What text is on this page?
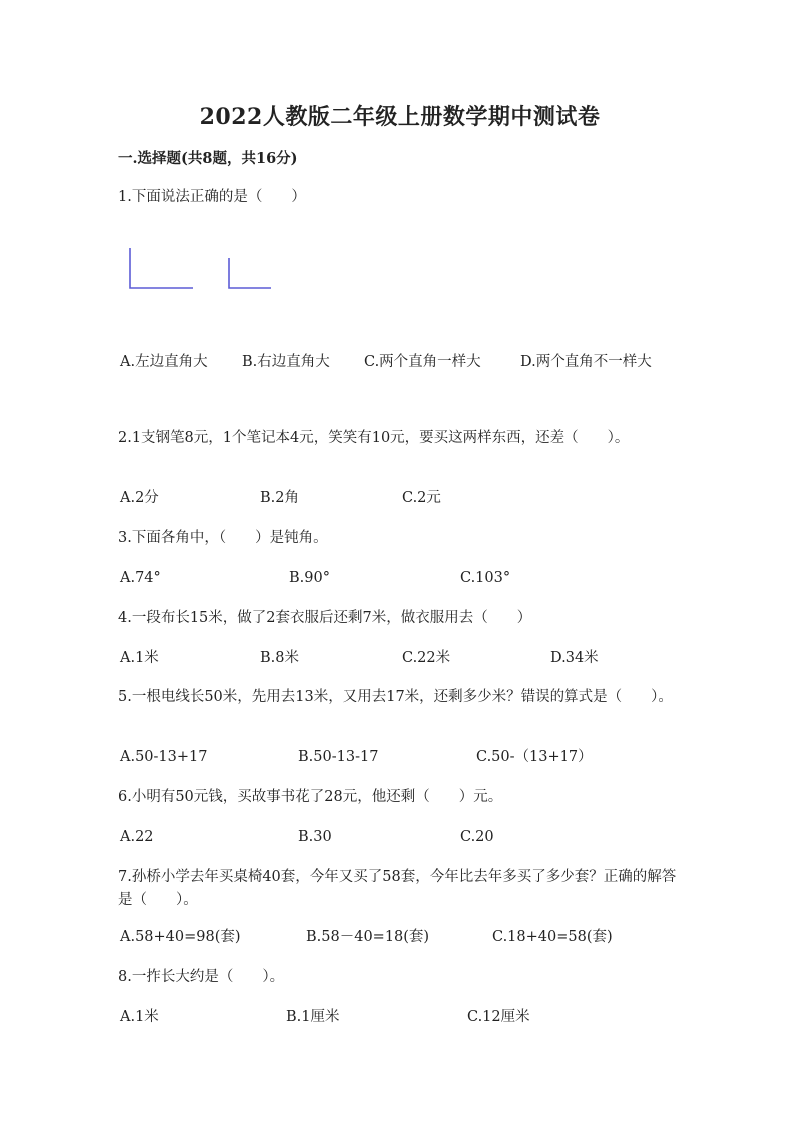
2022人教版二年级上册数学期中测试卷
一.选择题(共8题，共16分)
1.下面说法正确的是（　　）
A.左边直角大 B.右边直角大 C.两个直角一样大	D.两个直角不一样大
2.1支钢笔8元，1个笔记本4元，笑笑有10元，要买这两样东西，还差（　　）。
A.2分	B.2角	C.2元
3.下面各角中，（　　）是钝角。
A.74°	B.90°	C.103°
4.一段布长15米，做了2套衣服后还剩7米，做衣服用去（　　）
A.1米	B.8米	C.22米	D.34米
5.一根电线长50米，先用去13米，又用去17米，还剩多少米？错误的算式是（　　）。
A.50-13+17	B.50-13-17	C.50-（13+17）
6.小明有50元钱，买故事书花了28元，他还剩（　　）元。
A.22	B.30	C.20
7.孙桥小学去年买桌椅40套，今年又买了58套，今年比去年多买了多少套？正确的解答是（　　）。
A.58+40=98(套)	B.58－40=18(套)	C.18+40=58(套)
8.一拃长大约是（　　）。
A.1米	B.1厘米	C.12厘米
